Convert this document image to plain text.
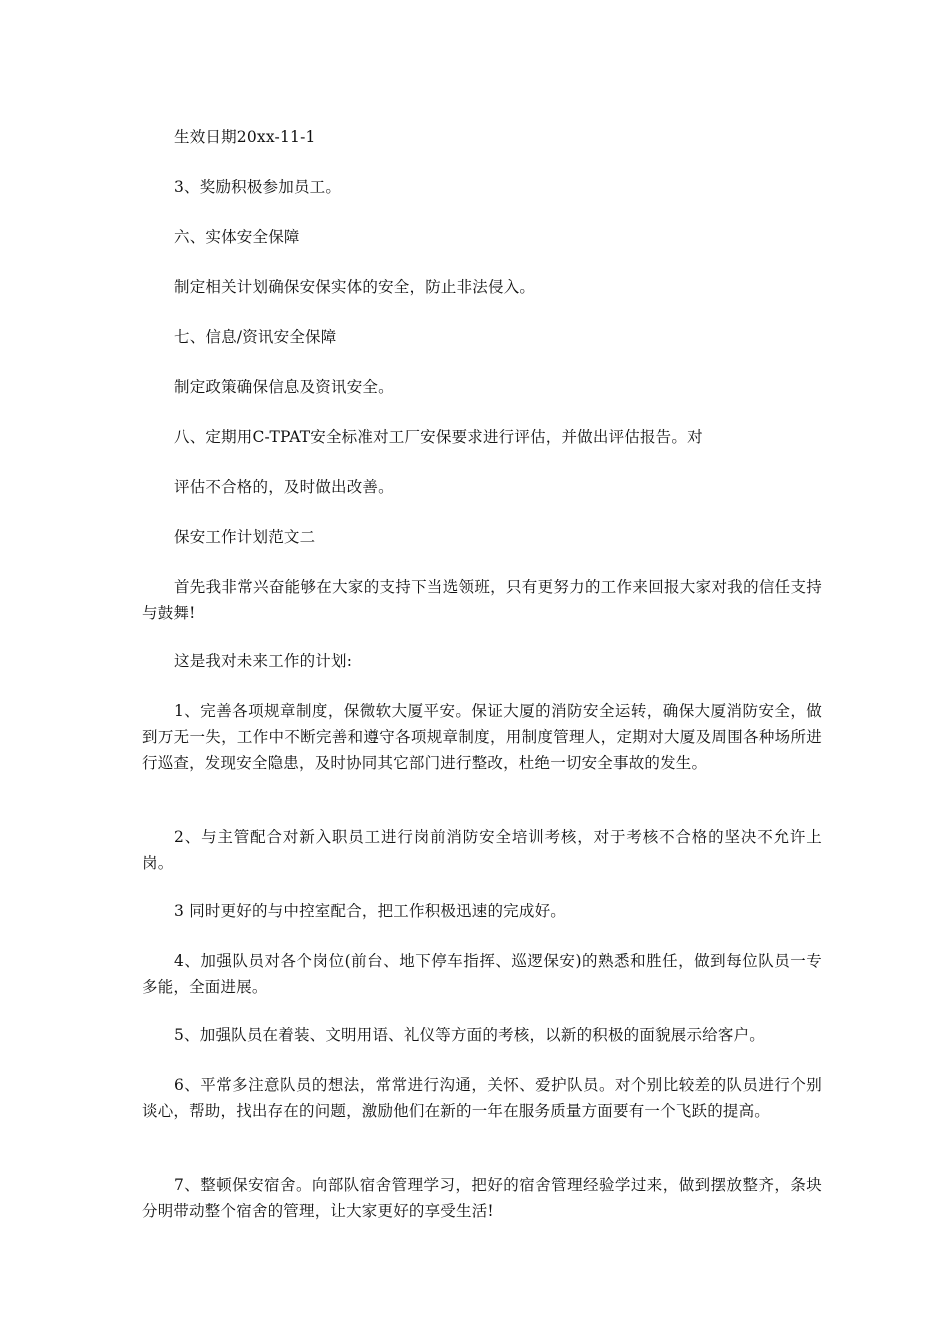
生效日期20xx-11-1
3、奖励积极参加员工。
六、实体安全保障
制定相关计划确保安保实体的安全，防止非法侵入。
七、信息/资讯安全保障
制定政策确保信息及资讯安全。
八、定期用C-TPAT安全标准对工厂安保要求进行评估，并做出评估报告。对
评估不合格的，及时做出改善。
保安工作计划范文二
首先我非常兴奋能够在大家的支持下当选领班，只有更努力的工作来回报大家对我的信任支持与鼓舞!
这是我对未来工作的计划:
1、完善各项规章制度，保微软大厦平安。保证大厦的消防安全运转，确保大厦消防安全，做到万无一失，工作中不断完善和遵守各项规章制度，用制度管理人，定期对大厦及周围各种场所进行巡查，发现安全隐患，及时协同其它部门进行整改，杜绝一切安全事故的发生。
2、与主管配合对新入职员工进行岗前消防安全培训考核，对于考核不合格的坚决不允许上岗。
3 同时更好的与中控室配合，把工作积极迅速的完成好。
4、加强队员对各个岗位(前台、地下停车指挥、巡逻保安)的熟悉和胜任，做到每位队员一专多能，全面进展。
5、加强队员在着装、文明用语、礼仪等方面的考核，以新的积极的面貌展示给客户。
6、平常多注意队员的想法，常常进行沟通，关怀、爱护队员。对个别比较差的队员进行个别谈心，帮助，找出存在的问题，激励他们在新的一年在服务质量方面要有一个飞跃的提高。
7、整顿保安宿舍。向部队宿舍管理学习，把好的宿舍管理经验学过来，做到摆放整齐，条块分明带动整个宿舍的管理，让大家更好的享受生活!
